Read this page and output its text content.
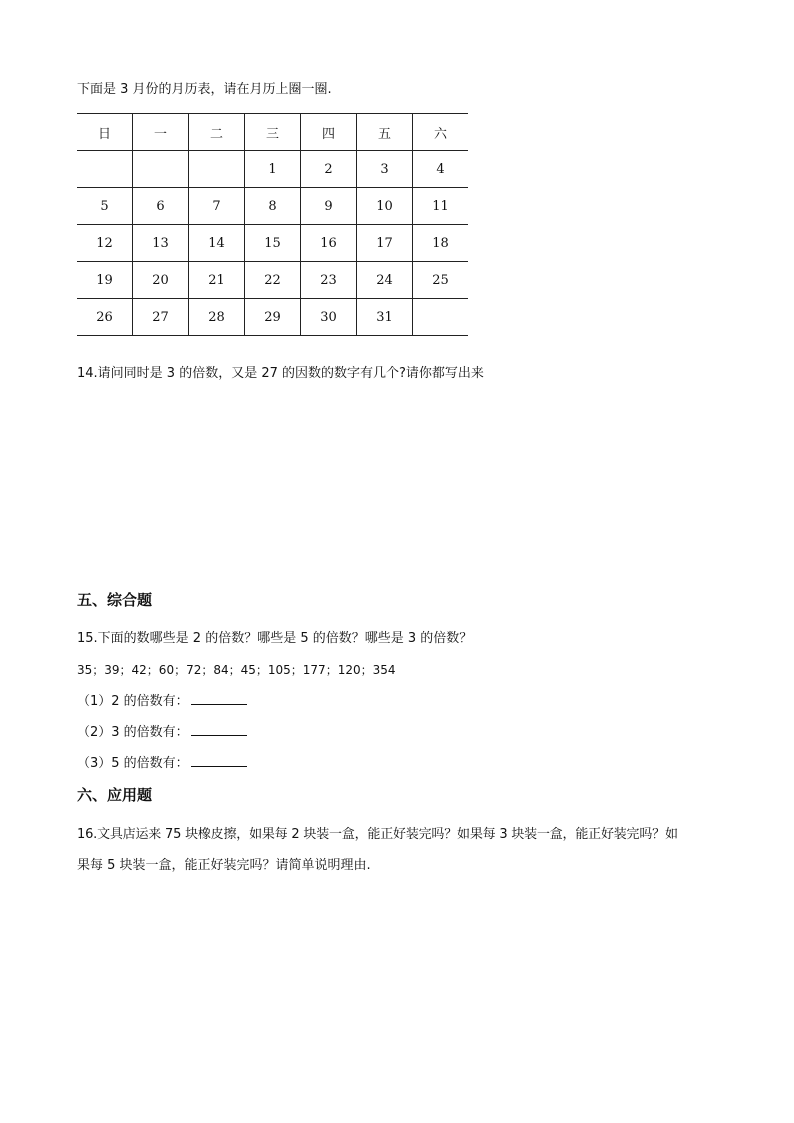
下面是 3 月份的月历表，请在月历上圈一圈.
日	一	二	三	四	五	六
			1	2	3	4
5	6	7	8	9	10	11
12	13	14	15	16	17	18
19	20	21	22	23	24	25
26	27	28	29	30	31	
14.请问同时是 3 的倍数，又是 27 的因数的数字有几个?请你都写出来
五、综合题
15.下面的数哪些是 2 的倍数？哪些是 5 的倍数？哪些是 3 的倍数？
35；39；42；60；72；84；45；105；177；120；354
（1）2 的倍数有：
（2）3 的倍数有：
（3）5 的倍数有：
六、应用题
16.文具店运来 75 块橡皮擦，如果每 2 块装一盒，能正好装完吗？如果每 3 块装一盒，能正好装完吗？如
果每 5 块装一盒，能正好装完吗？请简单说明理由.
